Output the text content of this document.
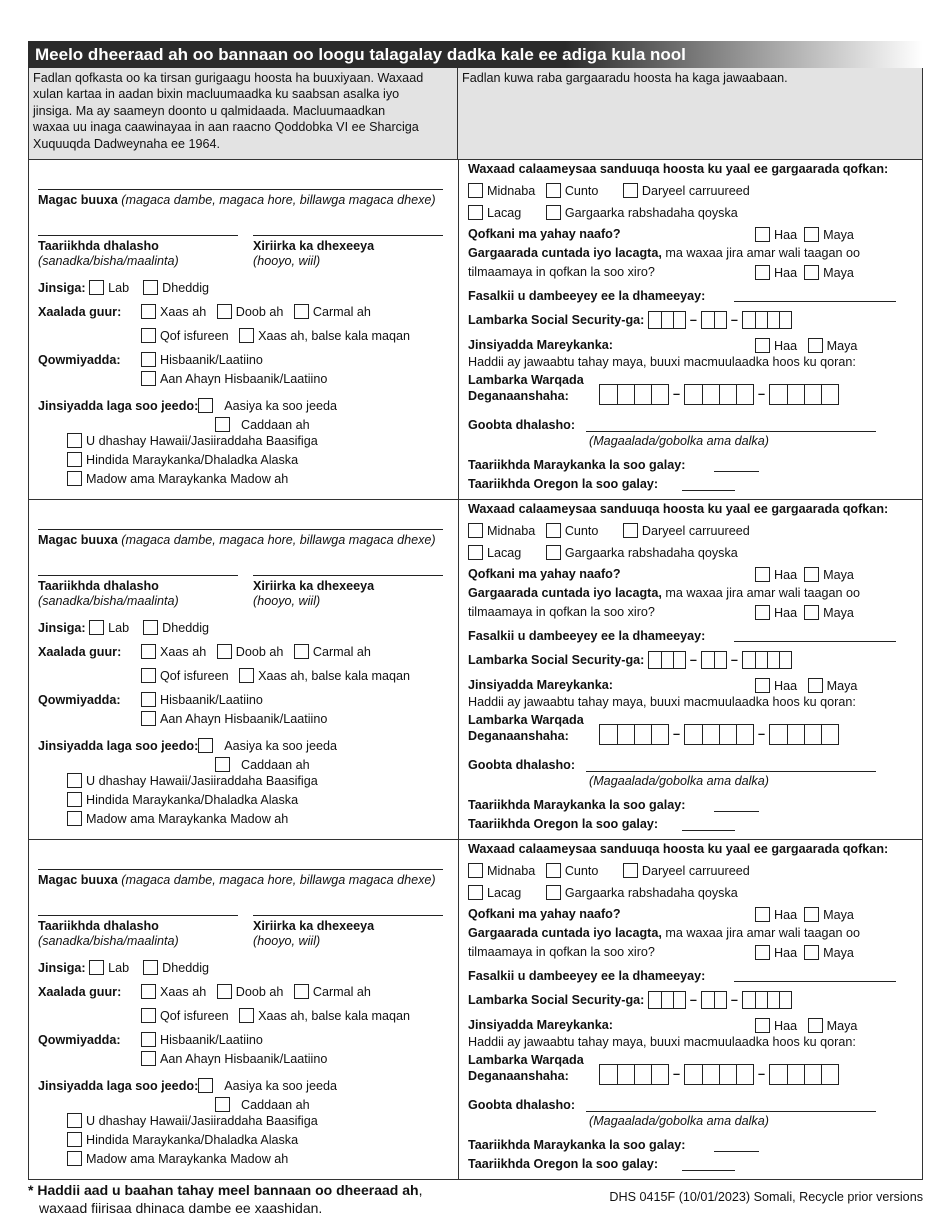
Meelo dheeraad ah oo bannaan oo loogu talagalay dadka kale ee adiga kula nool
Fadlan qofkasta oo ka tirsan gurigaagu hoosta ha buuxiyaan. Waxaad
xulan kartaa in aadan bixin macluumaadka ku saabsan asalka iyo
jinsiga. Ma ay saameyn doonto u qalmidaada. Macluumaadkan
waxaa uu inaga caawinayaa in aan raacno Qoddobka VI ee Sharciga
Xuquuqda Dadweynaha ee 1964.
Fadlan kuwa raba gargaaradu hoosta ha kaga jawaabaan.
Magac buuxa (magaca dambe, magaca hore, billawga magaca dhexe)
Taariikhda dhalasho
(sanadka/bisha/maalinta)
Xiriirka ka dhexeeya
(hooyo, wiil)
Jinsiga: Lab	Dheddig
Xaalada guur:	Xaas ah Doob ah Carmal ah
Qof isfureen Xaas ah, balse kala maqan
Qowmiyadda:	Hisbaanik/Laatiino
Aan Ahayn Hisbaanik/Laatiino
Jinsiyadda laga soo jeedo: Aasiya ka soo jeeda
Caddaan ah
U dhashay Hawaii/Jasiiraddaha Baasifiga
Hindida Maraykanka/Dhaladka Alaska
Madow ama Maraykanka Madow ah
Waxaad calaameysaa sanduuqa hoosta ku yaal ee gargaarada qofkan:
Midnaba Cunto	Daryeel carruureed
Lacag	Gargaarka rabshadaha qoyska
Qofkani ma yahay naafo?	Haa Maya
Gargaarada cuntada iyo lacagta, ma waxaa jira amar wali taagan oo
tilmaamaya in qofkan la soo xiro?	Haa Maya
Fasalkii u dambeeyey ee la dhameeyay:
Lambarka Social Security-ga:	–	–
Jinsiyadda Mareykanka:	Haa Maya
Haddii ay jawaabtu tahay maya, buuxi macmuulaadka hoos ku qoran:
Lambarka Warqada
Deganaanshaha:	–	–
Goobta dhalasho:
(Magaalada/gobolka ama dalka)
Taariikhda Maraykanka la soo galay:
Taariikhda Oregon la soo galay:
Magac buuxa (magaca dambe, magaca hore, billawga magaca dhexe)
Taariikhda dhalasho
(sanadka/bisha/maalinta)
Xiriirka ka dhexeeya
(hooyo, wiil)
Jinsiga: Lab	Dheddig
Xaalada guur:	Xaas ah Doob ah Carmal ah
Qof isfureen Xaas ah, balse kala maqan
Qowmiyadda:	Hisbaanik/Laatiino
Aan Ahayn Hisbaanik/Laatiino
Jinsiyadda laga soo jeedo: Aasiya ka soo jeeda
Caddaan ah
U dhashay Hawaii/Jasiiraddaha Baasifiga
Hindida Maraykanka/Dhaladka Alaska
Madow ama Maraykanka Madow ah
Waxaad calaameysaa sanduuqa hoosta ku yaal ee gargaarada qofkan:
Midnaba Cunto	Daryeel carruureed
Lacag	Gargaarka rabshadaha qoyska
Qofkani ma yahay naafo?	Haa Maya
Gargaarada cuntada iyo lacagta, ma waxaa jira amar wali taagan oo
tilmaamaya in qofkan la soo xiro?	Haa Maya
Fasalkii u dambeeyey ee la dhameeyay:
Lambarka Social Security-ga:	–	–
Jinsiyadda Mareykanka:	Haa Maya
Haddii ay jawaabtu tahay maya, buuxi macmuulaadka hoos ku qoran:
Lambarka Warqada
Deganaanshaha:	–	–
Goobta dhalasho:
(Magaalada/gobolka ama dalka)
Taariikhda Maraykanka la soo galay:
Taariikhda Oregon la soo galay:
Magac buuxa (magaca dambe, magaca hore, billawga magaca dhexe)
Taariikhda dhalasho
(sanadka/bisha/maalinta)
Xiriirka ka dhexeeya
(hooyo, wiil)
Jinsiga: Lab	Dheddig
Xaalada guur:	Xaas ah Doob ah Carmal ah
Qof isfureen Xaas ah, balse kala maqan
Qowmiyadda:	Hisbaanik/Laatiino
Aan Ahayn Hisbaanik/Laatiino
Jinsiyadda laga soo jeedo: Aasiya ka soo jeeda
Caddaan ah
U dhashay Hawaii/Jasiiraddaha Baasifiga
Hindida Maraykanka/Dhaladka Alaska
Madow ama Maraykanka Madow ah
Waxaad calaameysaa sanduuqa hoosta ku yaal ee gargaarada qofkan:
Midnaba Cunto	Daryeel carruureed
Lacag	Gargaarka rabshadaha qoyska
Qofkani ma yahay naafo?	Haa Maya
Gargaarada cuntada iyo lacagta, ma waxaa jira amar wali taagan oo
tilmaamaya in qofkan la soo xiro?	Haa Maya
Fasalkii u dambeeyey ee la dhameeyay:
Lambarka Social Security-ga:	–	–
Jinsiyadda Mareykanka:	Haa Maya
Haddii ay jawaabtu tahay maya, buuxi macmuulaadka hoos ku qoran:
Lambarka Warqada
Deganaanshaha:	–	–
Goobta dhalasho:
(Magaalada/gobolka ama dalka)
Taariikhda Maraykanka la soo galay:
Taariikhda Oregon la soo galay:
* Haddii aad u baahan tahay meel bannaan oo dheeraad ah,
waxaad fiirisaa dhinaca dambe ee xaashidan.
DHS 0415F (10/01/2023) Somali, Recycle prior versions
